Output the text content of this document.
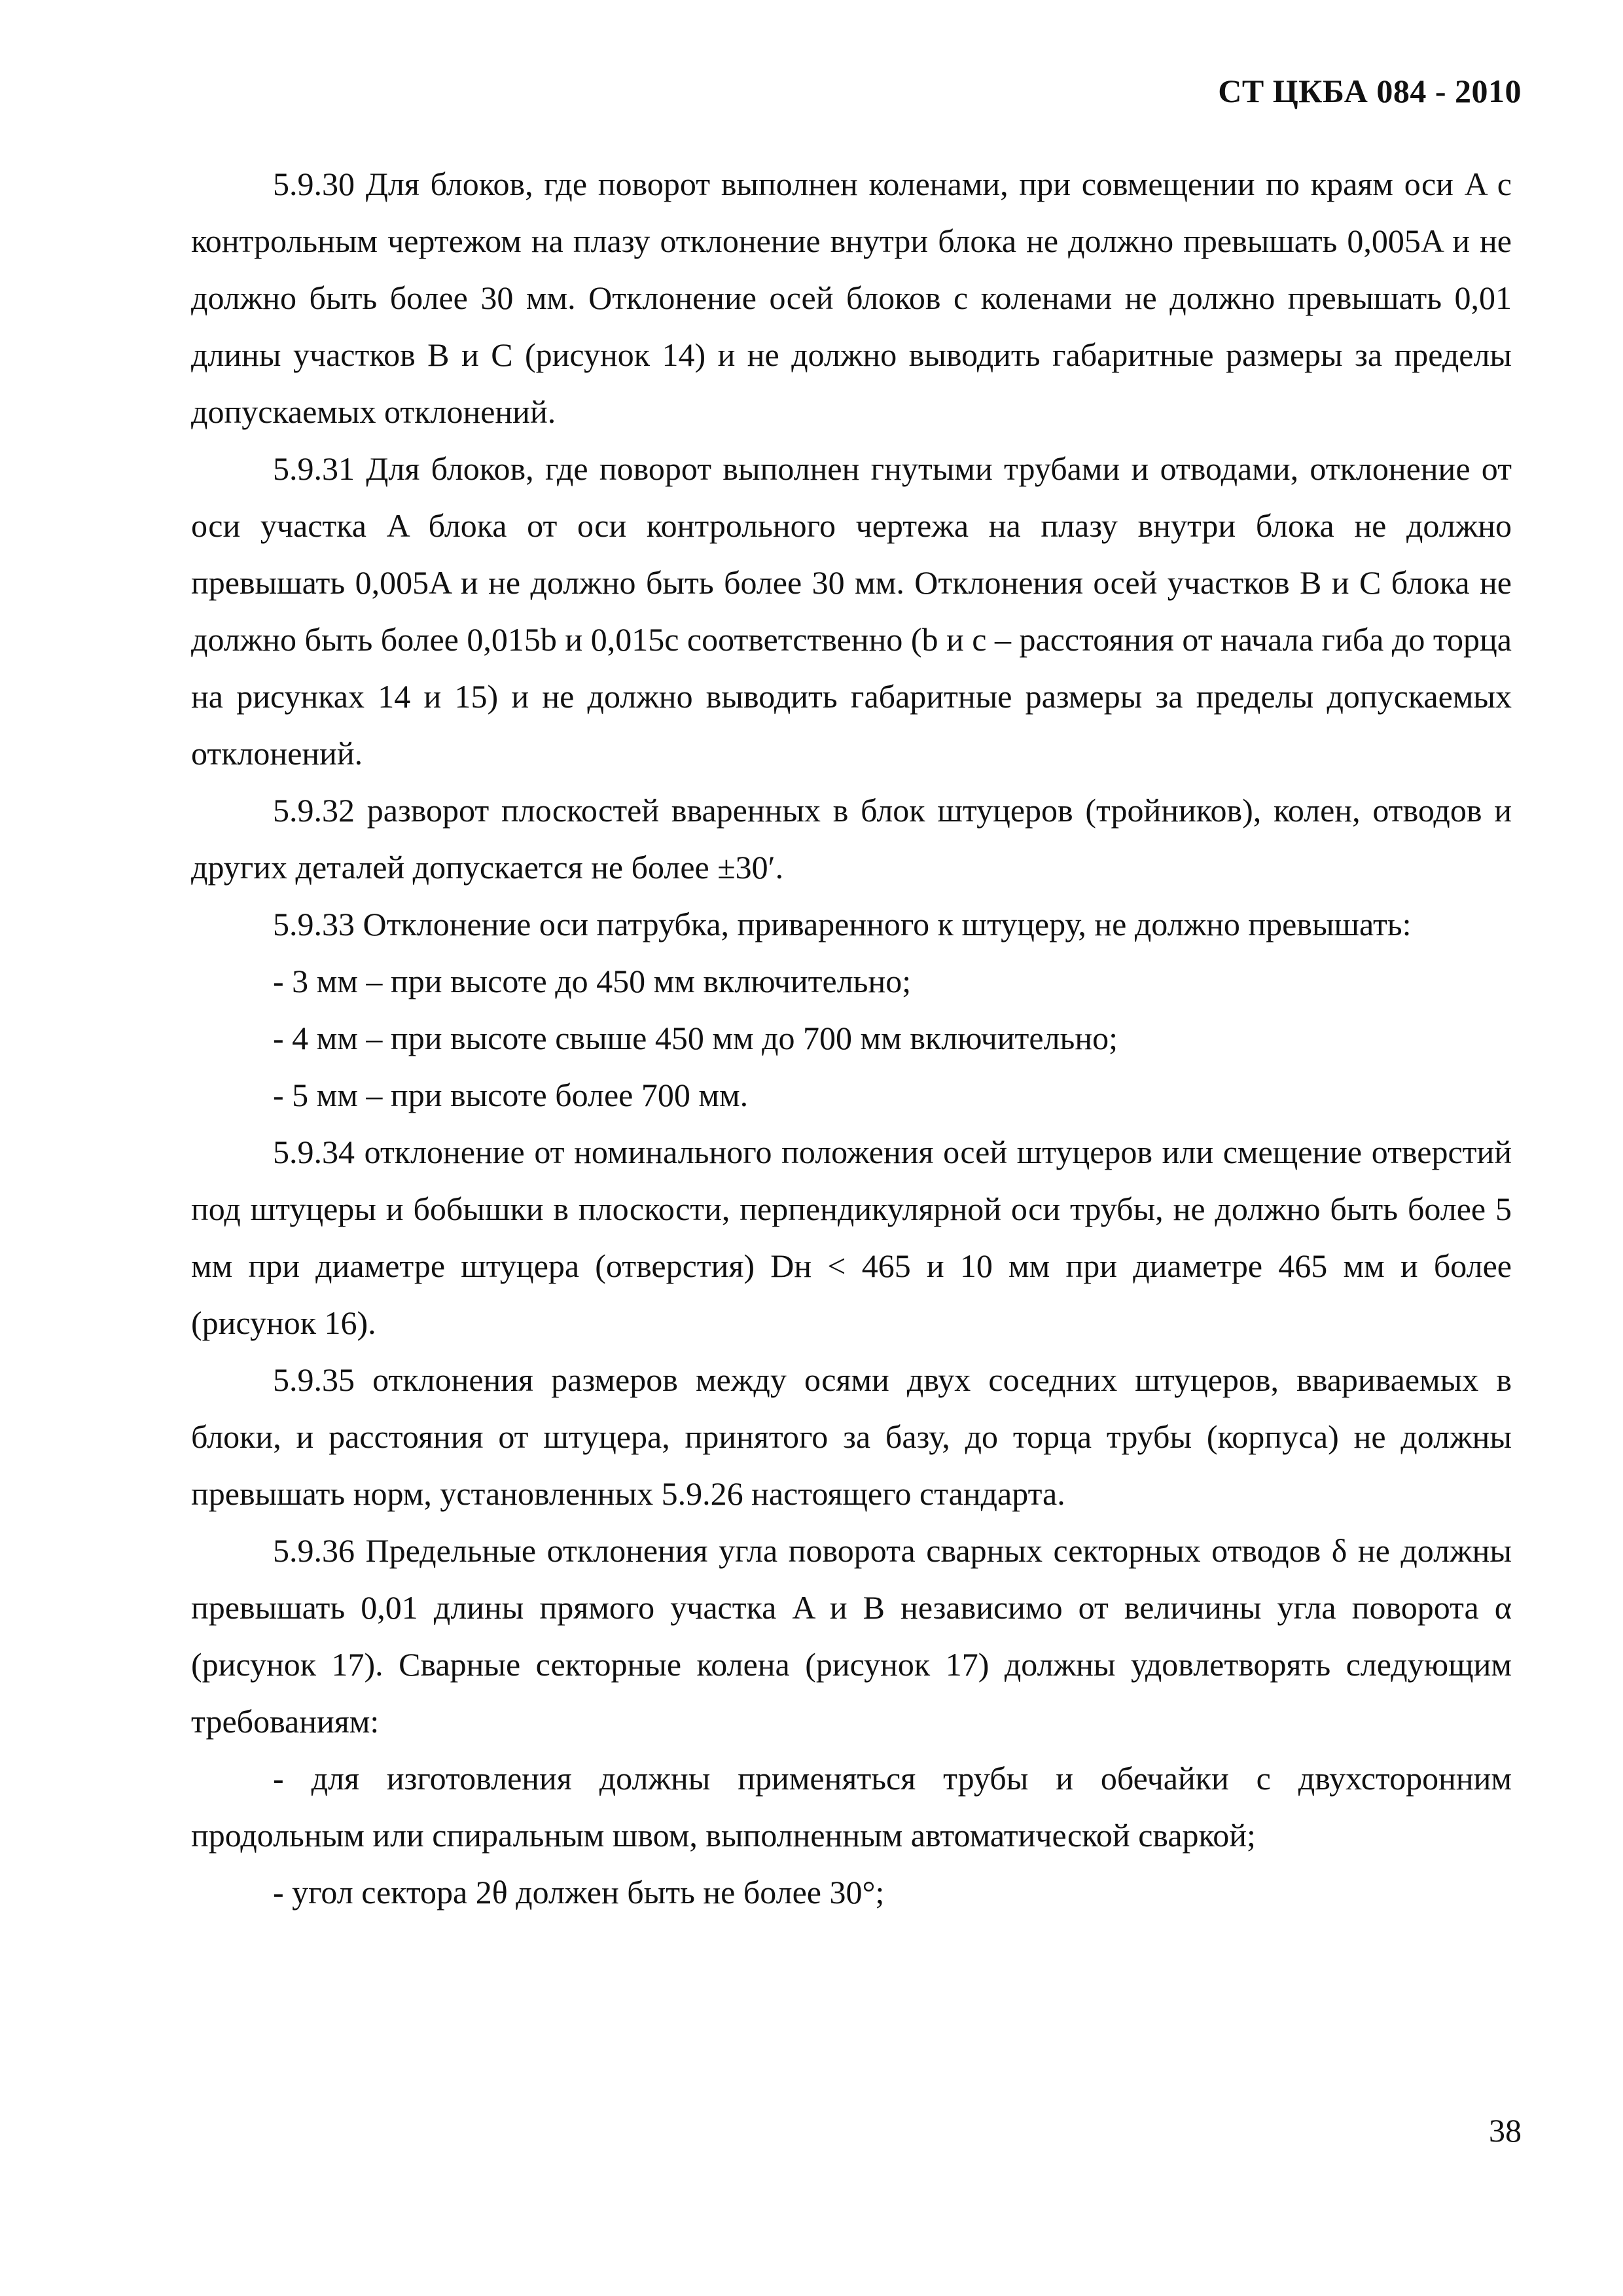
СТ ЦКБА 084 - 2010

5.9.30 Для блоков, где поворот выполнен коленами, при совмещении по краям оси A с контрольным чертежом на плазу отклонение внутри блока не должно превышать 0,005A и не должно быть более 30 мм. Отклонение осей блоков с коленами не должно превышать 0,01 длины участков B и C (рисунок 14) и не должно выводить габаритные размеры за пределы допускаемых отклонений.

5.9.31 Для блоков, где поворот выполнен гнутыми трубами и отводами, отклонение от оси участка A блока от оси контрольного чертежа на плазу внутри блока не должно превышать 0,005A и не должно быть более 30 мм. Отклонения осей участков B и C блока не должно быть более 0,015b и 0,015c соответственно (b и c – расстояния от начала гиба до торца на рисунках 14 и 15) и не должно выводить габаритные размеры за пределы допускаемых отклонений.

5.9.32 разворот плоскостей вваренных в блок штуцеров (тройников), колен, отводов и других деталей допускается не более ±30′.

5.9.33 Отклонение оси патрубка, приваренного к штуцеру, не должно превышать:

- 3 мм – при высоте до 450 мм включительно;

- 4 мм – при высоте свыше 450 мм до 700 мм включительно;

- 5 мм – при высоте более 700 мм.

5.9.34 отклонение от номинального положения осей штуцеров или смещение отверстий под штуцеры и бобышки в плоскости, перпендикулярной оси трубы, не должно быть более 5 мм при диаметре штуцера (отверстия) Dн < 465 и 10 мм при диаметре 465 мм и более (рисунок 16).

5.9.35 отклонения размеров между осями двух соседних штуцеров, ввариваемых в блоки, и расстояния от штуцера, принятого за базу, до торца трубы (корпуса) не должны превышать норм, установленных 5.9.26 настоящего стандарта.

5.9.36 Предельные отклонения угла поворота сварных секторных отводов δ не должны превышать 0,01 длины прямого участка A и B независимо от величины угла поворота α (рисунок 17). Сварные секторные колена (рисунок 17) должны удовлетворять следующим требованиям:

- для изготовления должны применяться трубы и обечайки с двухсторонним продольным или спиральным швом, выполненным автоматической сваркой;

- угол сектора 2θ должен быть не более 30°;

38
